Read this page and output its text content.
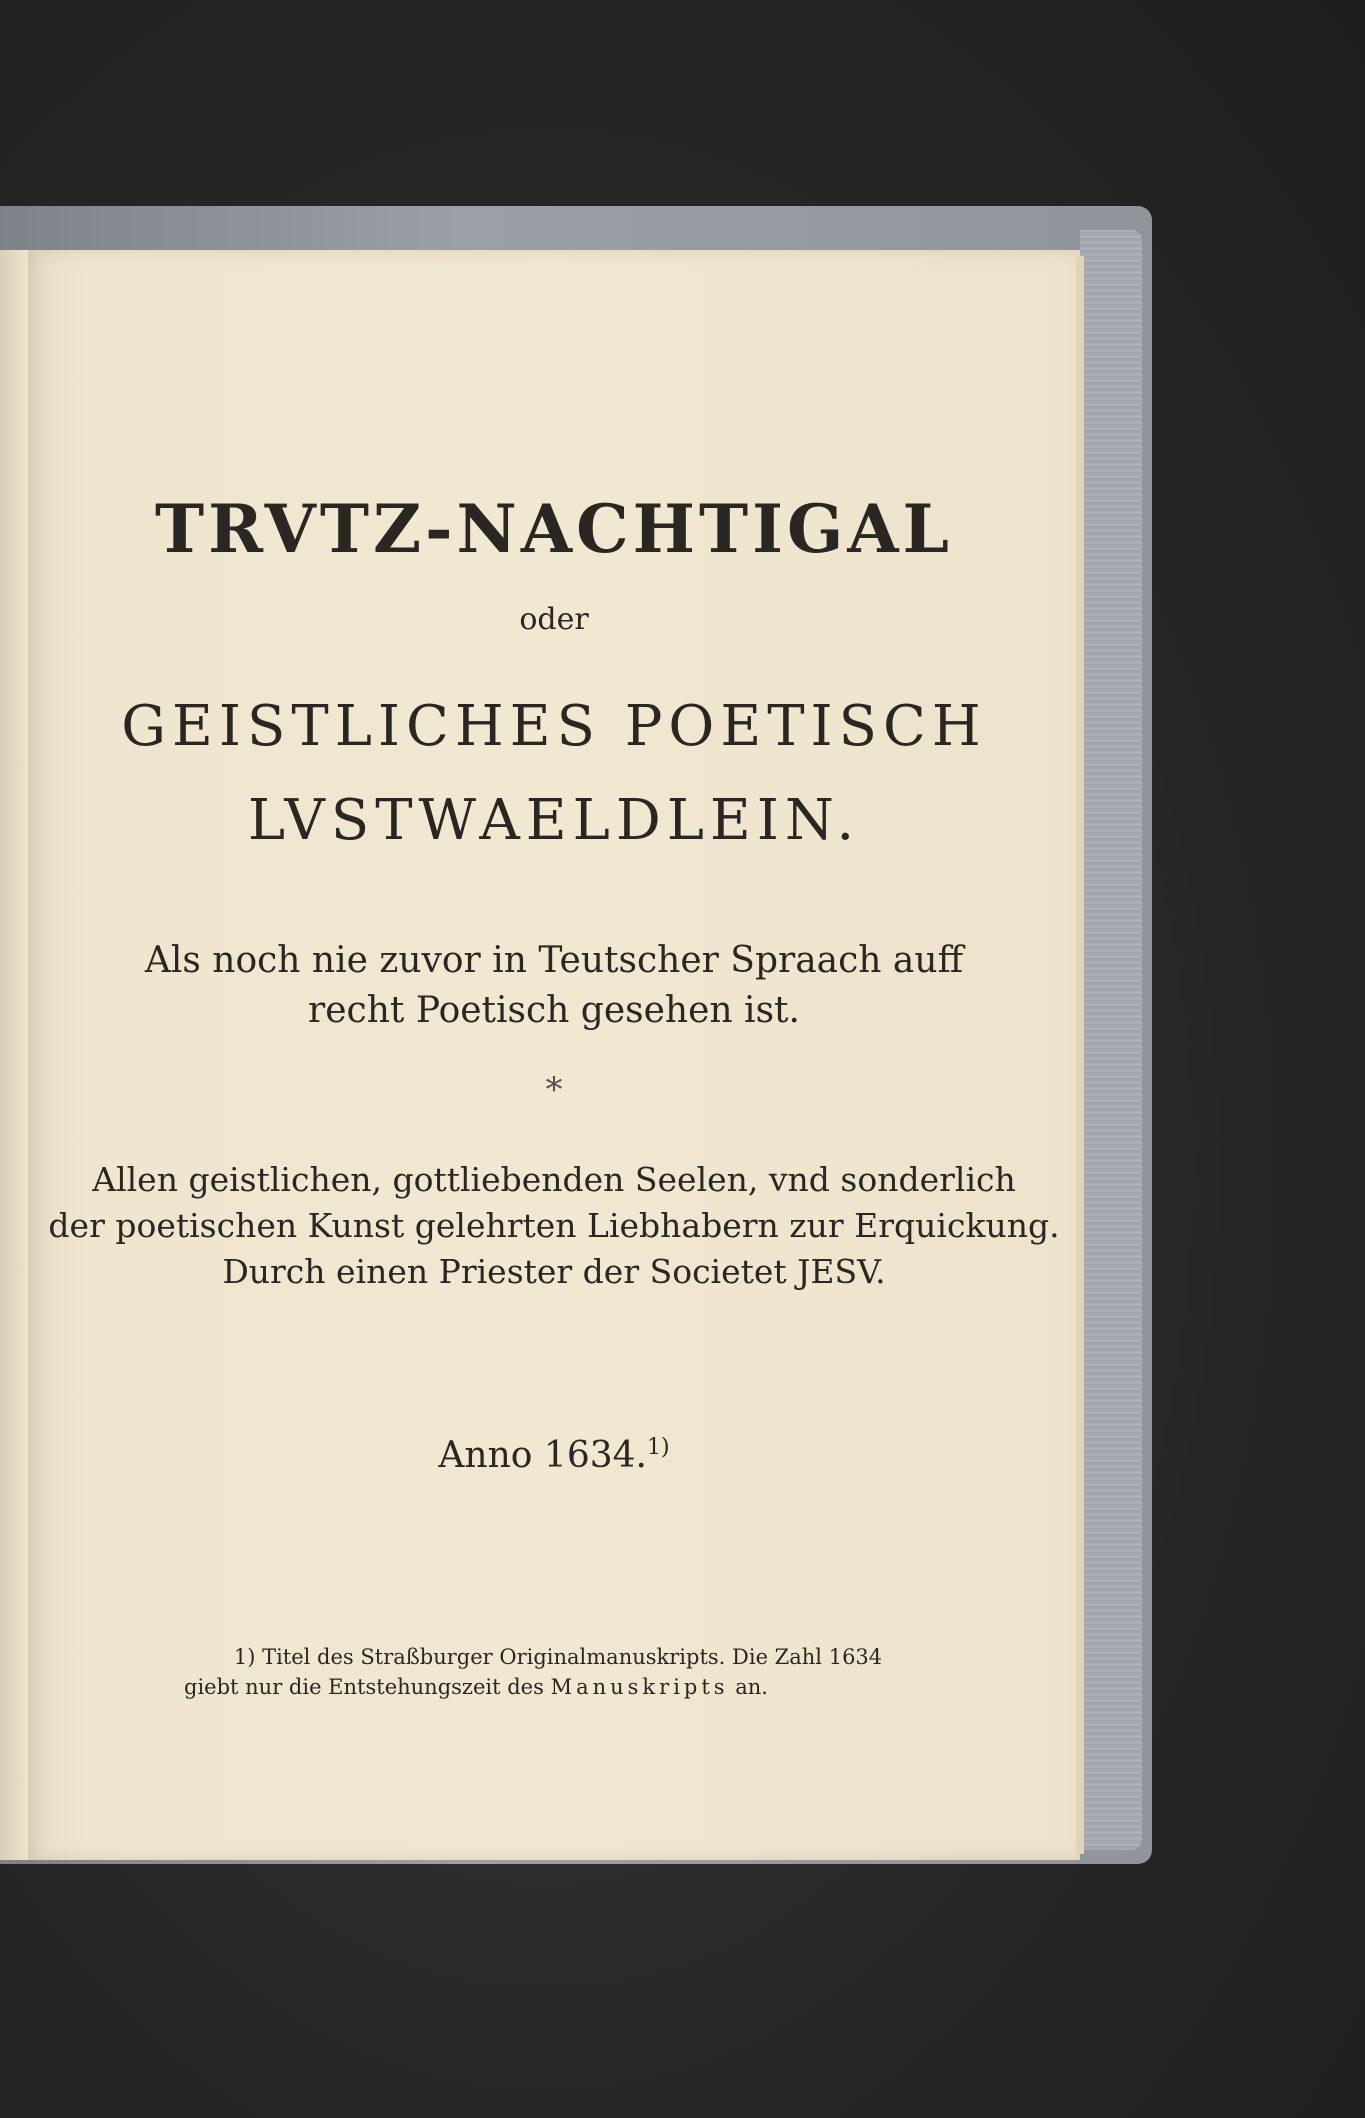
TRVTZ-NACHTIGAL

oder

GEISTLICHES POETISCH

LVSTWAELDLEIN.

Als noch nie zuvor in Teutscher Spraach auff

recht Poetisch gesehen ist.

*

Allen geistlichen, gottliebenden Seelen, vnd sonderlich

der poetischen Kunst gelehrten Liebhabern zur Erquickung.

Durch einen Priester der Societet JESV.

Anno 1634.$^{1)}$

1) Titel des Straßburger Originalmanuskripts. Die Zahl 1634

giebt nur die Entstehungszeit des Manuskripts an.
